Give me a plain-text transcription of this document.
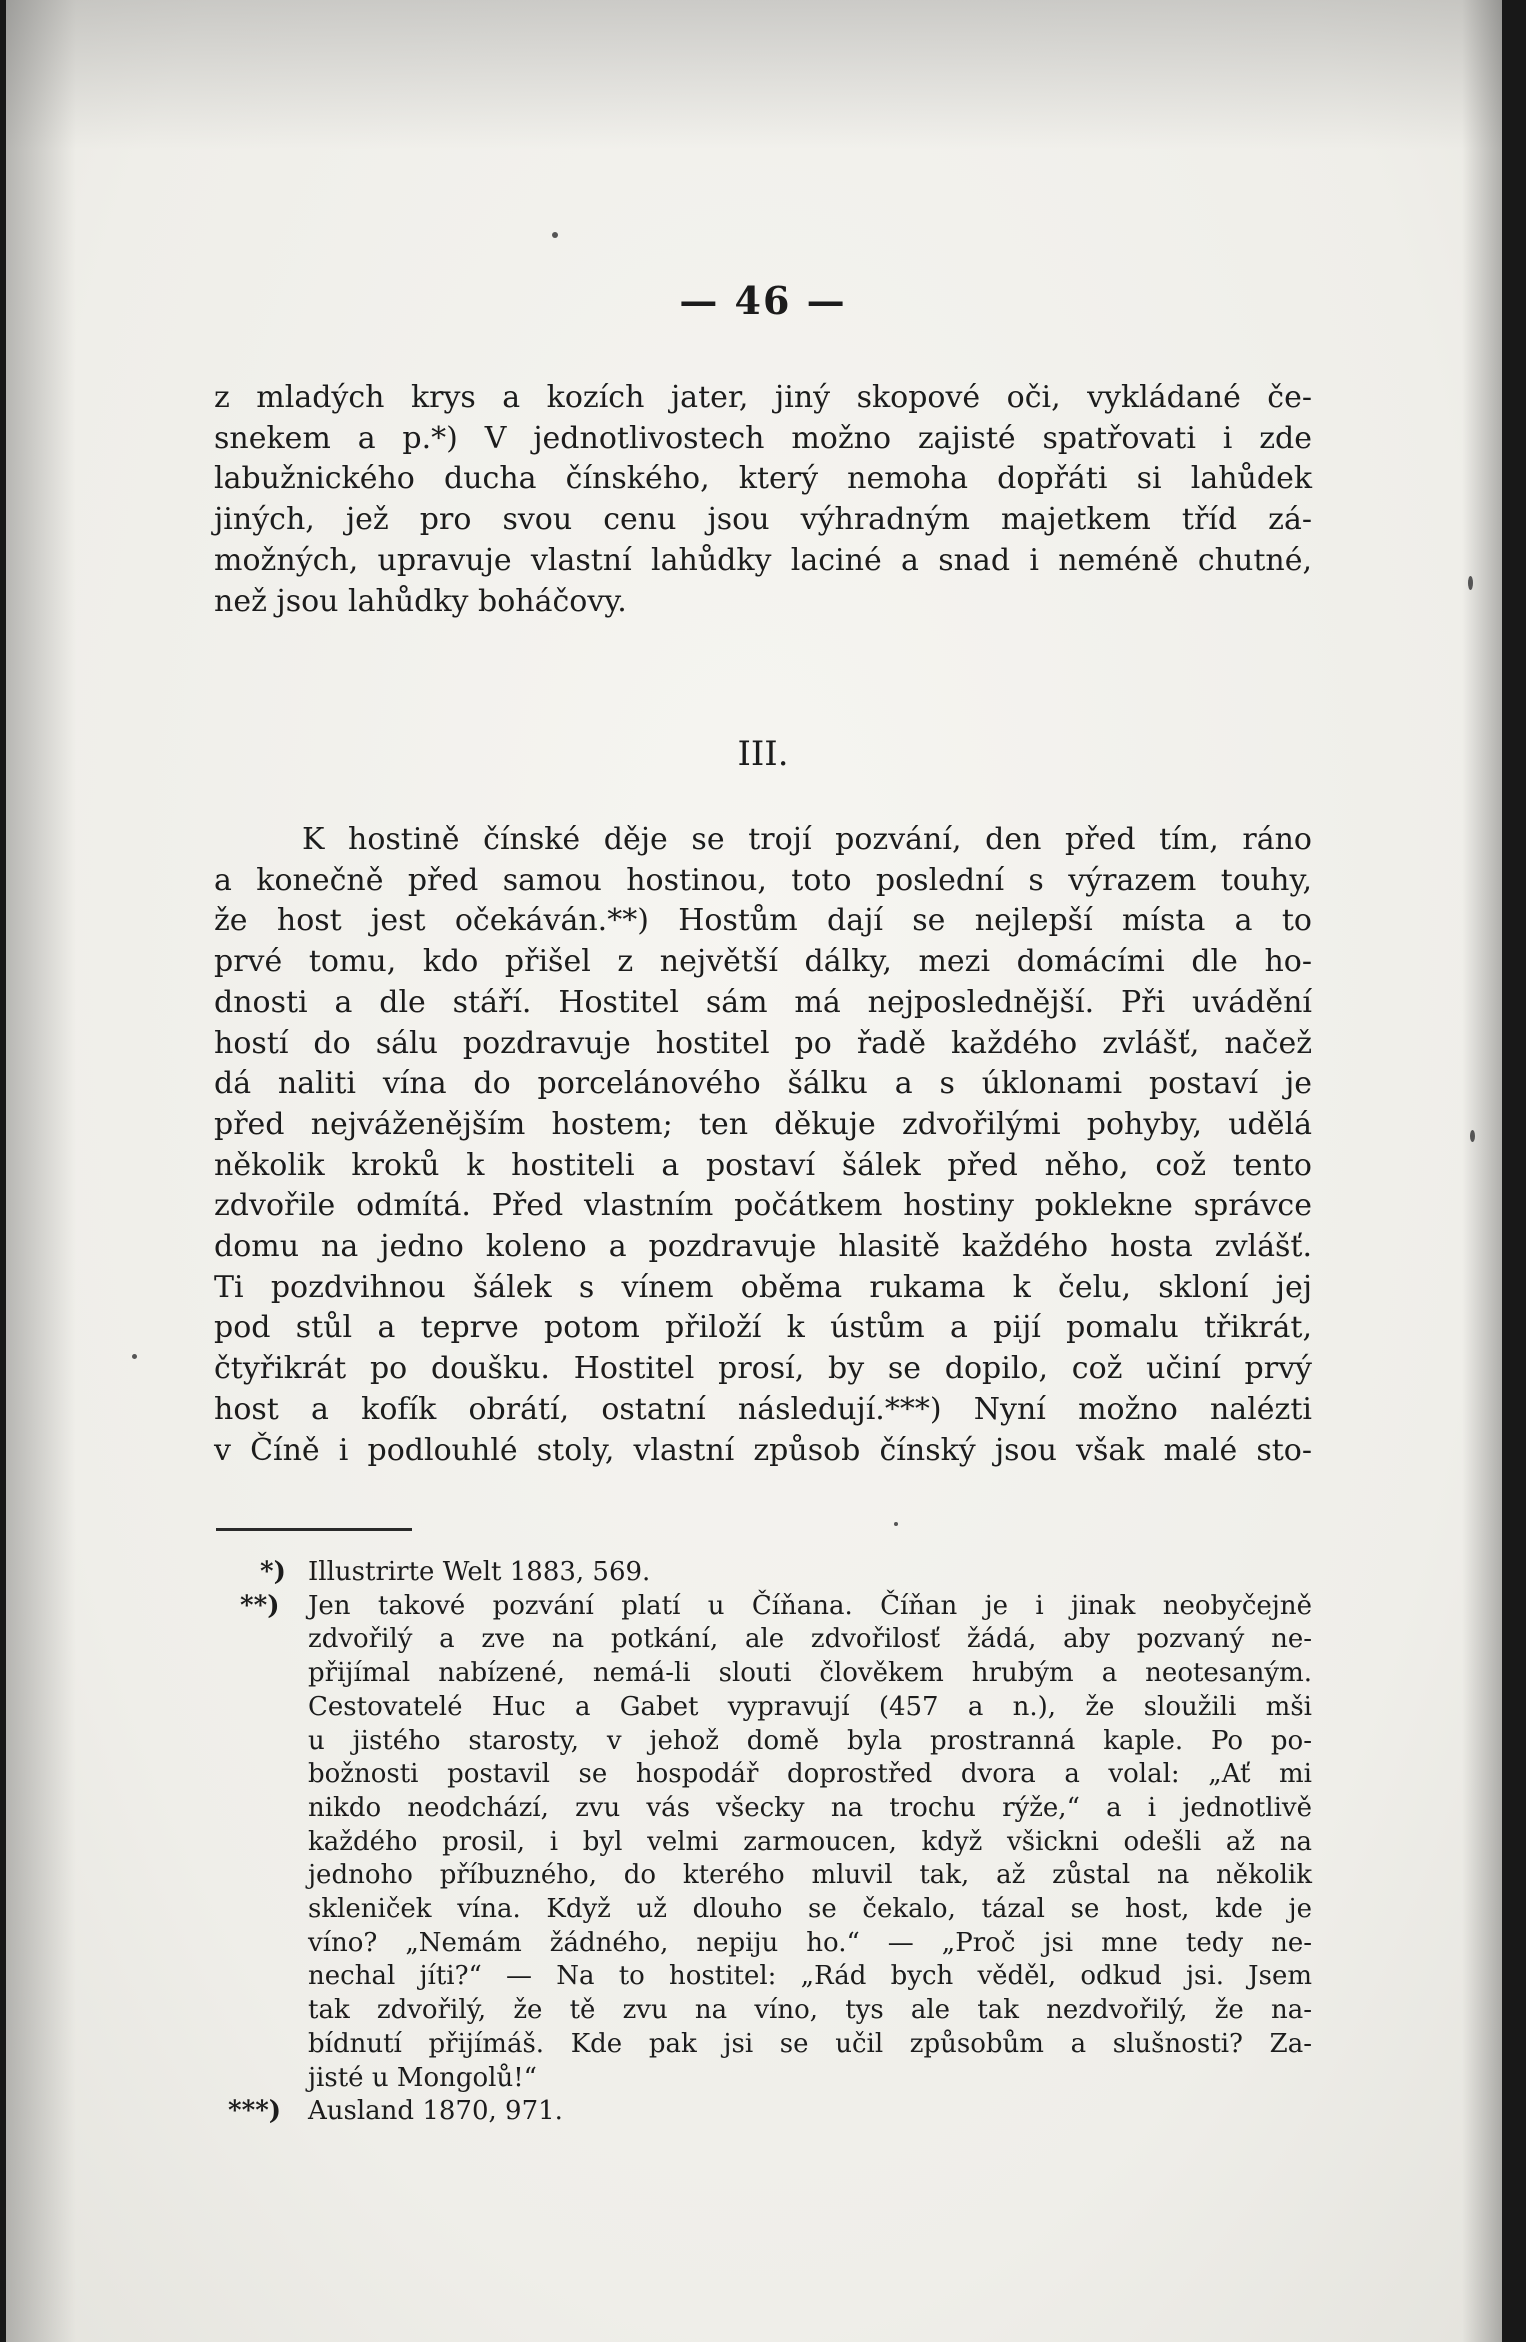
— 46 —
z mladých krys a kozích jater, jiný skopové oči, vykládané če-
snekem a p.*) V jednotlivostech možno zajisté spatřovati i zde
labužnického ducha čínského, který nemoha dopřáti si lahůdek
jiných, jež pro svou cenu jsou výhradným majetkem tříd zá-
možných, upravuje vlastní lahůdky laciné a snad i neméně chutné,
než jsou lahůdky boháčovy.
III.
K hostině čínské děje se trojí pozvání, den před tím, ráno
a konečně před samou hostinou, toto poslední s výrazem touhy,
že host jest očekáván.**) Hostům dají se nejlepší místa a to
prvé tomu, kdo přišel z největší dálky, mezi domácími dle ho-
dnosti a dle stáří. Hostitel sám má nejposlednější. Při uvádění
hostí do sálu pozdravuje hostitel po řadě každého zvlášť, načež
dá naliti vína do porcelánového šálku a s úklonami postaví je
před nejváženějším hostem; ten děkuje zdvořilými pohyby, udělá
několik kroků k hostiteli a postaví šálek před něho, což tento
zdvořile odmítá. Před vlastním počátkem hostiny poklekne správce
domu na jedno koleno a pozdravuje hlasitě každého hosta zvlášť.
Ti pozdvihnou šálek s vínem oběma rukama k čelu, skloní jej
pod stůl a teprve potom přiloží k ústům a pijí pomalu třikrát,
čtyřikrát po doušku. Hostitel prosí, by se dopilo, což učiní prvý
host a kofík obrátí, ostatní následují.***) Nyní možno nalézti
v Číně i podlouhlé stoly, vlastní způsob čínský jsou však malé sto-
*) Illustrirte Welt 1883, 569.
**)	Jen takové pozvání platí u Číňana. Číňan je i jinak neobyčejně
zdvořilý a zve na potkání, ale zdvořilosť žádá, aby pozvaný ne-
přijímal nabízené, nemá-li slouti člověkem hrubým a neotesaným.
Cestovatelé Huc a Gabet vypravují (457 a n.), že sloužili mši
u jistého starosty, v jehož domě byla prostranná kaple. Po po-
božnosti postavil se hospodář doprostřed dvora a volal: „Ať mi
nikdo neodchází, zvu vás všecky na trochu rýže,“ a i jednotlivě
každého prosil, i byl velmi zarmoucen, když všickni odešli až na
jednoho příbuzného, do kterého mluvil tak, až zůstal na několik
skleniček vína. Když už dlouho se čekalo, tázal se host, kde je
víno? „Nemám žádného, nepiju ho.“ — „Proč jsi mne tedy ne-
nechal jíti?“ — Na to hostitel: „Rád bych věděl, odkud jsi. Jsem
tak zdvořilý, že tě zvu na víno, tys ale tak nezdvořilý, že na-
bídnutí přijímáš. Kde pak jsi se učil způsobům a slušnosti? Za-
jisté u Mongolů!“
***)	Ausland 1870, 971.
